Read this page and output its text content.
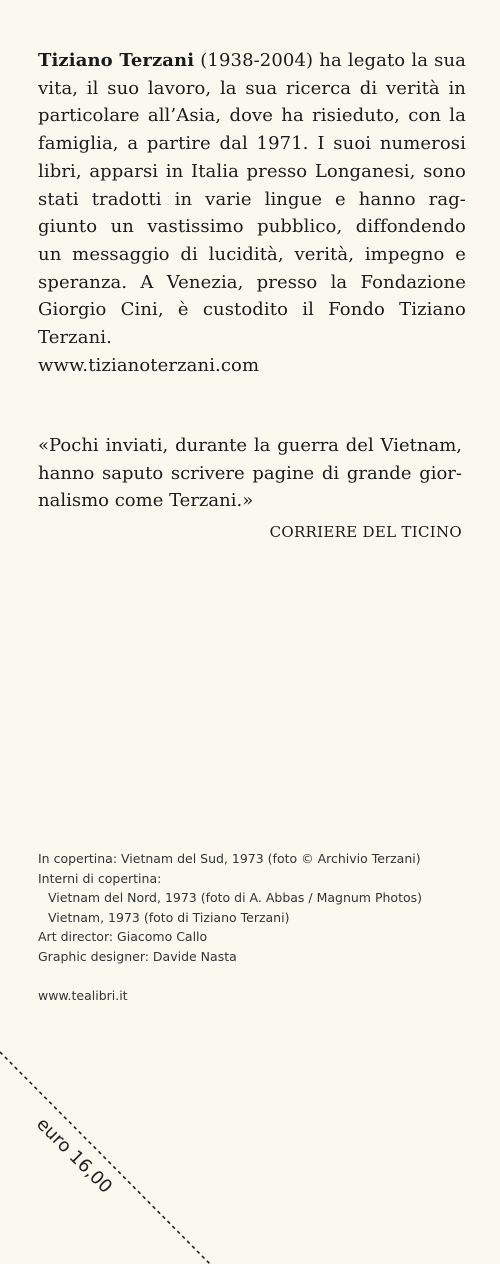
Tiziano Terzani (1938-2004) ha legato la sua
vita, il suo lavoro, la sua ricerca di verità in
particolare all’Asia, dove ha risieduto, con la
famiglia, a partire dal 1971. I suoi numerosi
libri, apparsi in Italia presso Longanesi, sono
stati tradotti in varie lingue e hanno rag-
giunto un vastissimo pubblico, diffondendo
un messaggio di lucidità, verità, impegno e
speranza. A Venezia, presso la Fondazione
Giorgio Cini, è custodito il Fondo Tiziano
Terzani.

www.tizianoterzani.com
«Pochi inviati, durante la guerra del Vietnam,
hanno saputo scrivere pagine di grande gior-
nalismo come Terzani.»
CORRIERE DEL TICINO
In copertina: Vietnam del Sud, 1973 (foto © Archivio Terzani)
Interni di copertina:
Vietnam del Nord, 1973 (foto di A. Abbas / Magnum Photos)
Vietnam, 1973 (foto di Tiziano Terzani)
Art director: Giacomo Callo
Graphic designer: Davide Nasta
www.tealibri.it
euro 16,00
